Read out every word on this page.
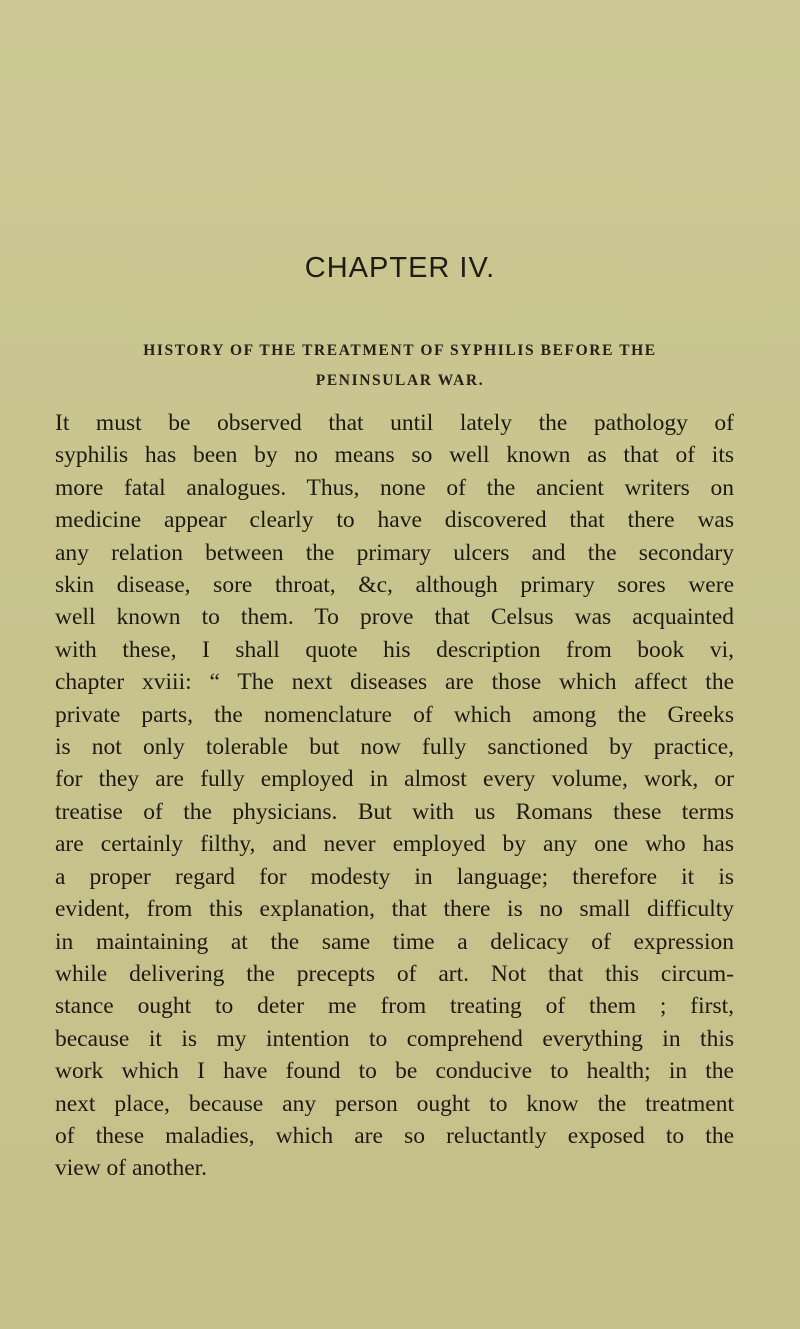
CHAPTER IV.
HISTORY OF THE TREATMENT OF SYPHILIS BEFORE THE
PENINSULAR WAR.
It must be observed that until lately the pathology of
syphilis has been by no means so well known as that of its
more fatal analogues. Thus, none of the ancient writers on
medicine appear clearly to have discovered that there was
any relation between the primary ulcers and the secondary
skin disease, sore throat, &c, although primary sores were
well known to them. To prove that Celsus was acquainted
with these, I shall quote his description from book vi,
chapter xviii: “ The next diseases are those which affect the
private parts, the nomenclature of which among the Greeks
is not only tolerable but now fully sanctioned by practice,
for they are fully employed in almost every volume, work, or
treatise of the physicians. But with us Romans these terms
are certainly filthy, and never employed by any one who has
a proper regard for modesty in language; therefore it is
evident, from this explanation, that there is no small difficulty
in maintaining at the same time a delicacy of expression
while delivering the precepts of art. Not that this circum-
stance ought to deter me from treating of them ; first,
because it is my intention to comprehend everything in this
work which I have found to be conducive to health; in the
next place, because any person ought to know the treatment
of these maladies, which are so reluctantly exposed to the
view of another.
